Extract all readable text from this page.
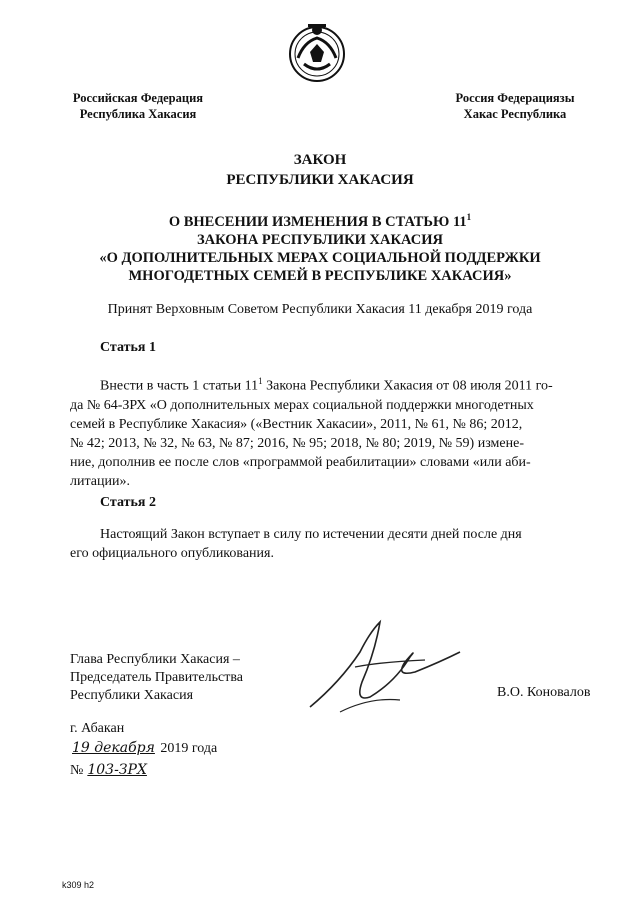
Российская Федерация
Республика Хакасия
Россия Федерациязы
Хакас Республика
ЗАКОН
РЕСПУБЛИКИ ХАКАСИЯ
О ВНЕСЕНИИ ИЗМЕНЕНИЯ В СТАТЬЮ $11^1$
ЗАКОНА РЕСПУБЛИКИ ХАКАСИЯ
«О ДОПОЛНИТЕЛЬНЫХ МЕРАХ СОЦИАЛЬНОЙ ПОДДЕРЖКИ
МНОГОДЕТНЫХ СЕМЕЙ В РЕСПУБЛИКЕ ХАКАСИЯ»
Принят Верховным Советом Республики Хакасия 11 декабря 2019 года
Статья 1
Внести в часть 1 статьи $11^1$ Закона Республики Хакасия от 08 июля 2011 го-
да № 64-ЗРХ «О дополнительных мерах социальной поддержки многодетных
семей в Республике Хакасия» («Вестник Хакасии», 2011, № 61, № 86; 2012,
№ 42; 2013, № 32, № 63, № 87; 2016, № 95; 2018, № 80; 2019, № 59) измене-
ние, дополнив ее после слов «программой реабилитации» словами «или аби-
литации».
Статья 2
Настоящий Закон вступает в силу по истечении десяти дней после дня
его официального опубликования.
Глава Республики Хакасия –
Председатель Правительства
Республики Хакасия	В.О. Коновалов
г. Абакан
19 декабря 2019 года
№ 103-ЗРХ
k309 h2
